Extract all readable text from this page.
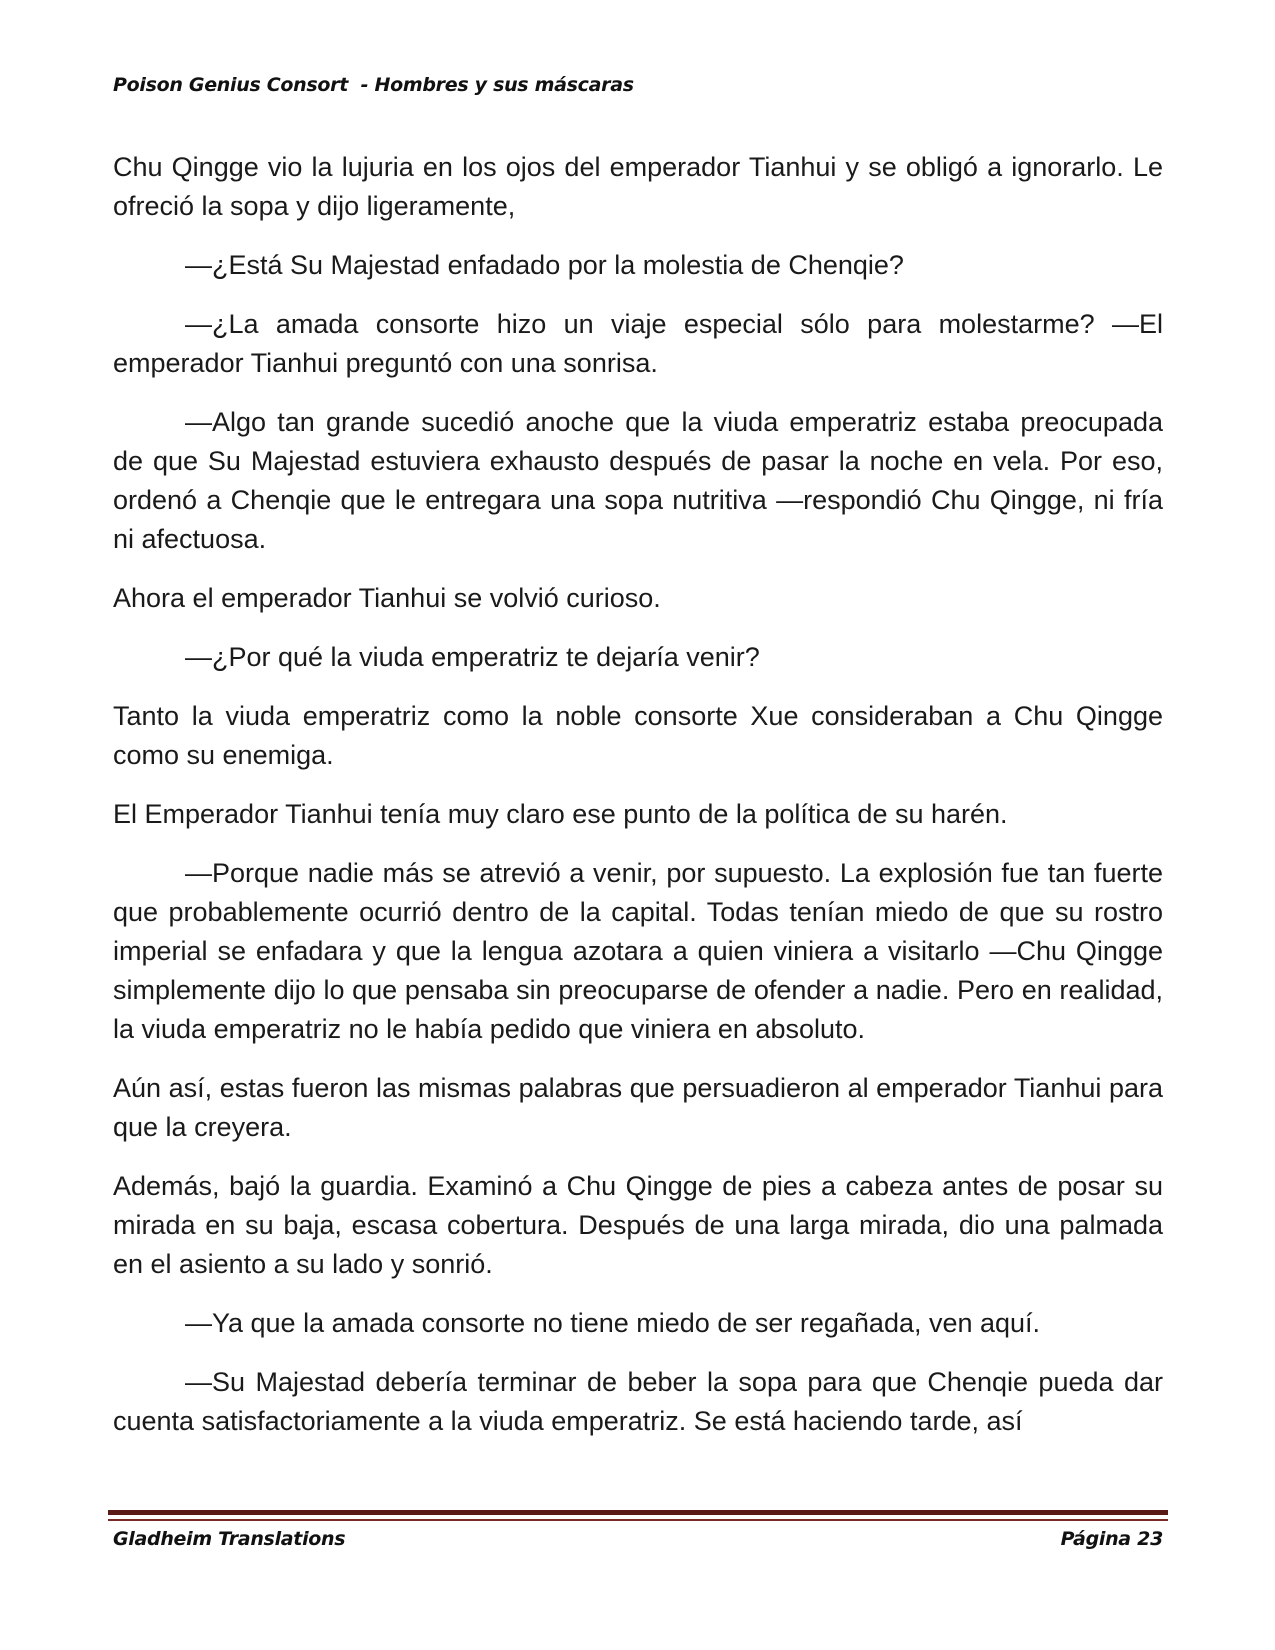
Poison Genius Consort  - Hombres y sus máscaras

Chu Qingge vio la lujuria en los ojos del emperador Tianhui y se obligó a ignorarlo. Le ofreció la sopa y dijo ligeramente,

—¿Está Su Majestad enfadado por la molestia de Chenqie?

—¿La amada consorte hizo un viaje especial sólo para molestarme? —El emperador Tianhui preguntó con una sonrisa.

—Algo tan grande sucedió anoche que la viuda emperatriz estaba preocupada de que Su Majestad estuviera exhausto después de pasar la noche en vela. Por eso, ordenó a Chenqie que le entregara una sopa nutritiva —respondió Chu Qingge, ni fría ni afectuosa.

Ahora el emperador Tianhui se volvió curioso.

—¿Por qué la viuda emperatriz te dejaría venir?

Tanto la viuda emperatriz como la noble consorte Xue consideraban a Chu Qingge como su enemiga.

El Emperador Tianhui tenía muy claro ese punto de la política de su harén.

—Porque nadie más se atrevió a venir, por supuesto. La explosión fue tan fuerte que probablemente ocurrió dentro de la capital. Todas tenían miedo de que su rostro imperial se enfadara y que la lengua azotara a quien viniera a visitarlo —Chu Qingge simplemente dijo lo que pensaba sin preocuparse de ofender a nadie. Pero en realidad, la viuda emperatriz no le había pedido que viniera en absoluto.

Aún así, estas fueron las mismas palabras que persuadieron al emperador Tianhui para que la creyera.

Además, bajó la guardia. Examinó a Chu Qingge de pies a cabeza antes de posar su mirada en su baja, escasa cobertura. Después de una larga mirada, dio una palmada en el asiento a su lado y sonrió.

—Ya que la amada consorte no tiene miedo de ser regañada, ven aquí.

—Su Majestad debería terminar de beber la sopa para que Chenqie pueda dar cuenta satisfactoriamente a la viuda emperatriz. Se está haciendo tarde, así

Gladheim Translations	Página 23
